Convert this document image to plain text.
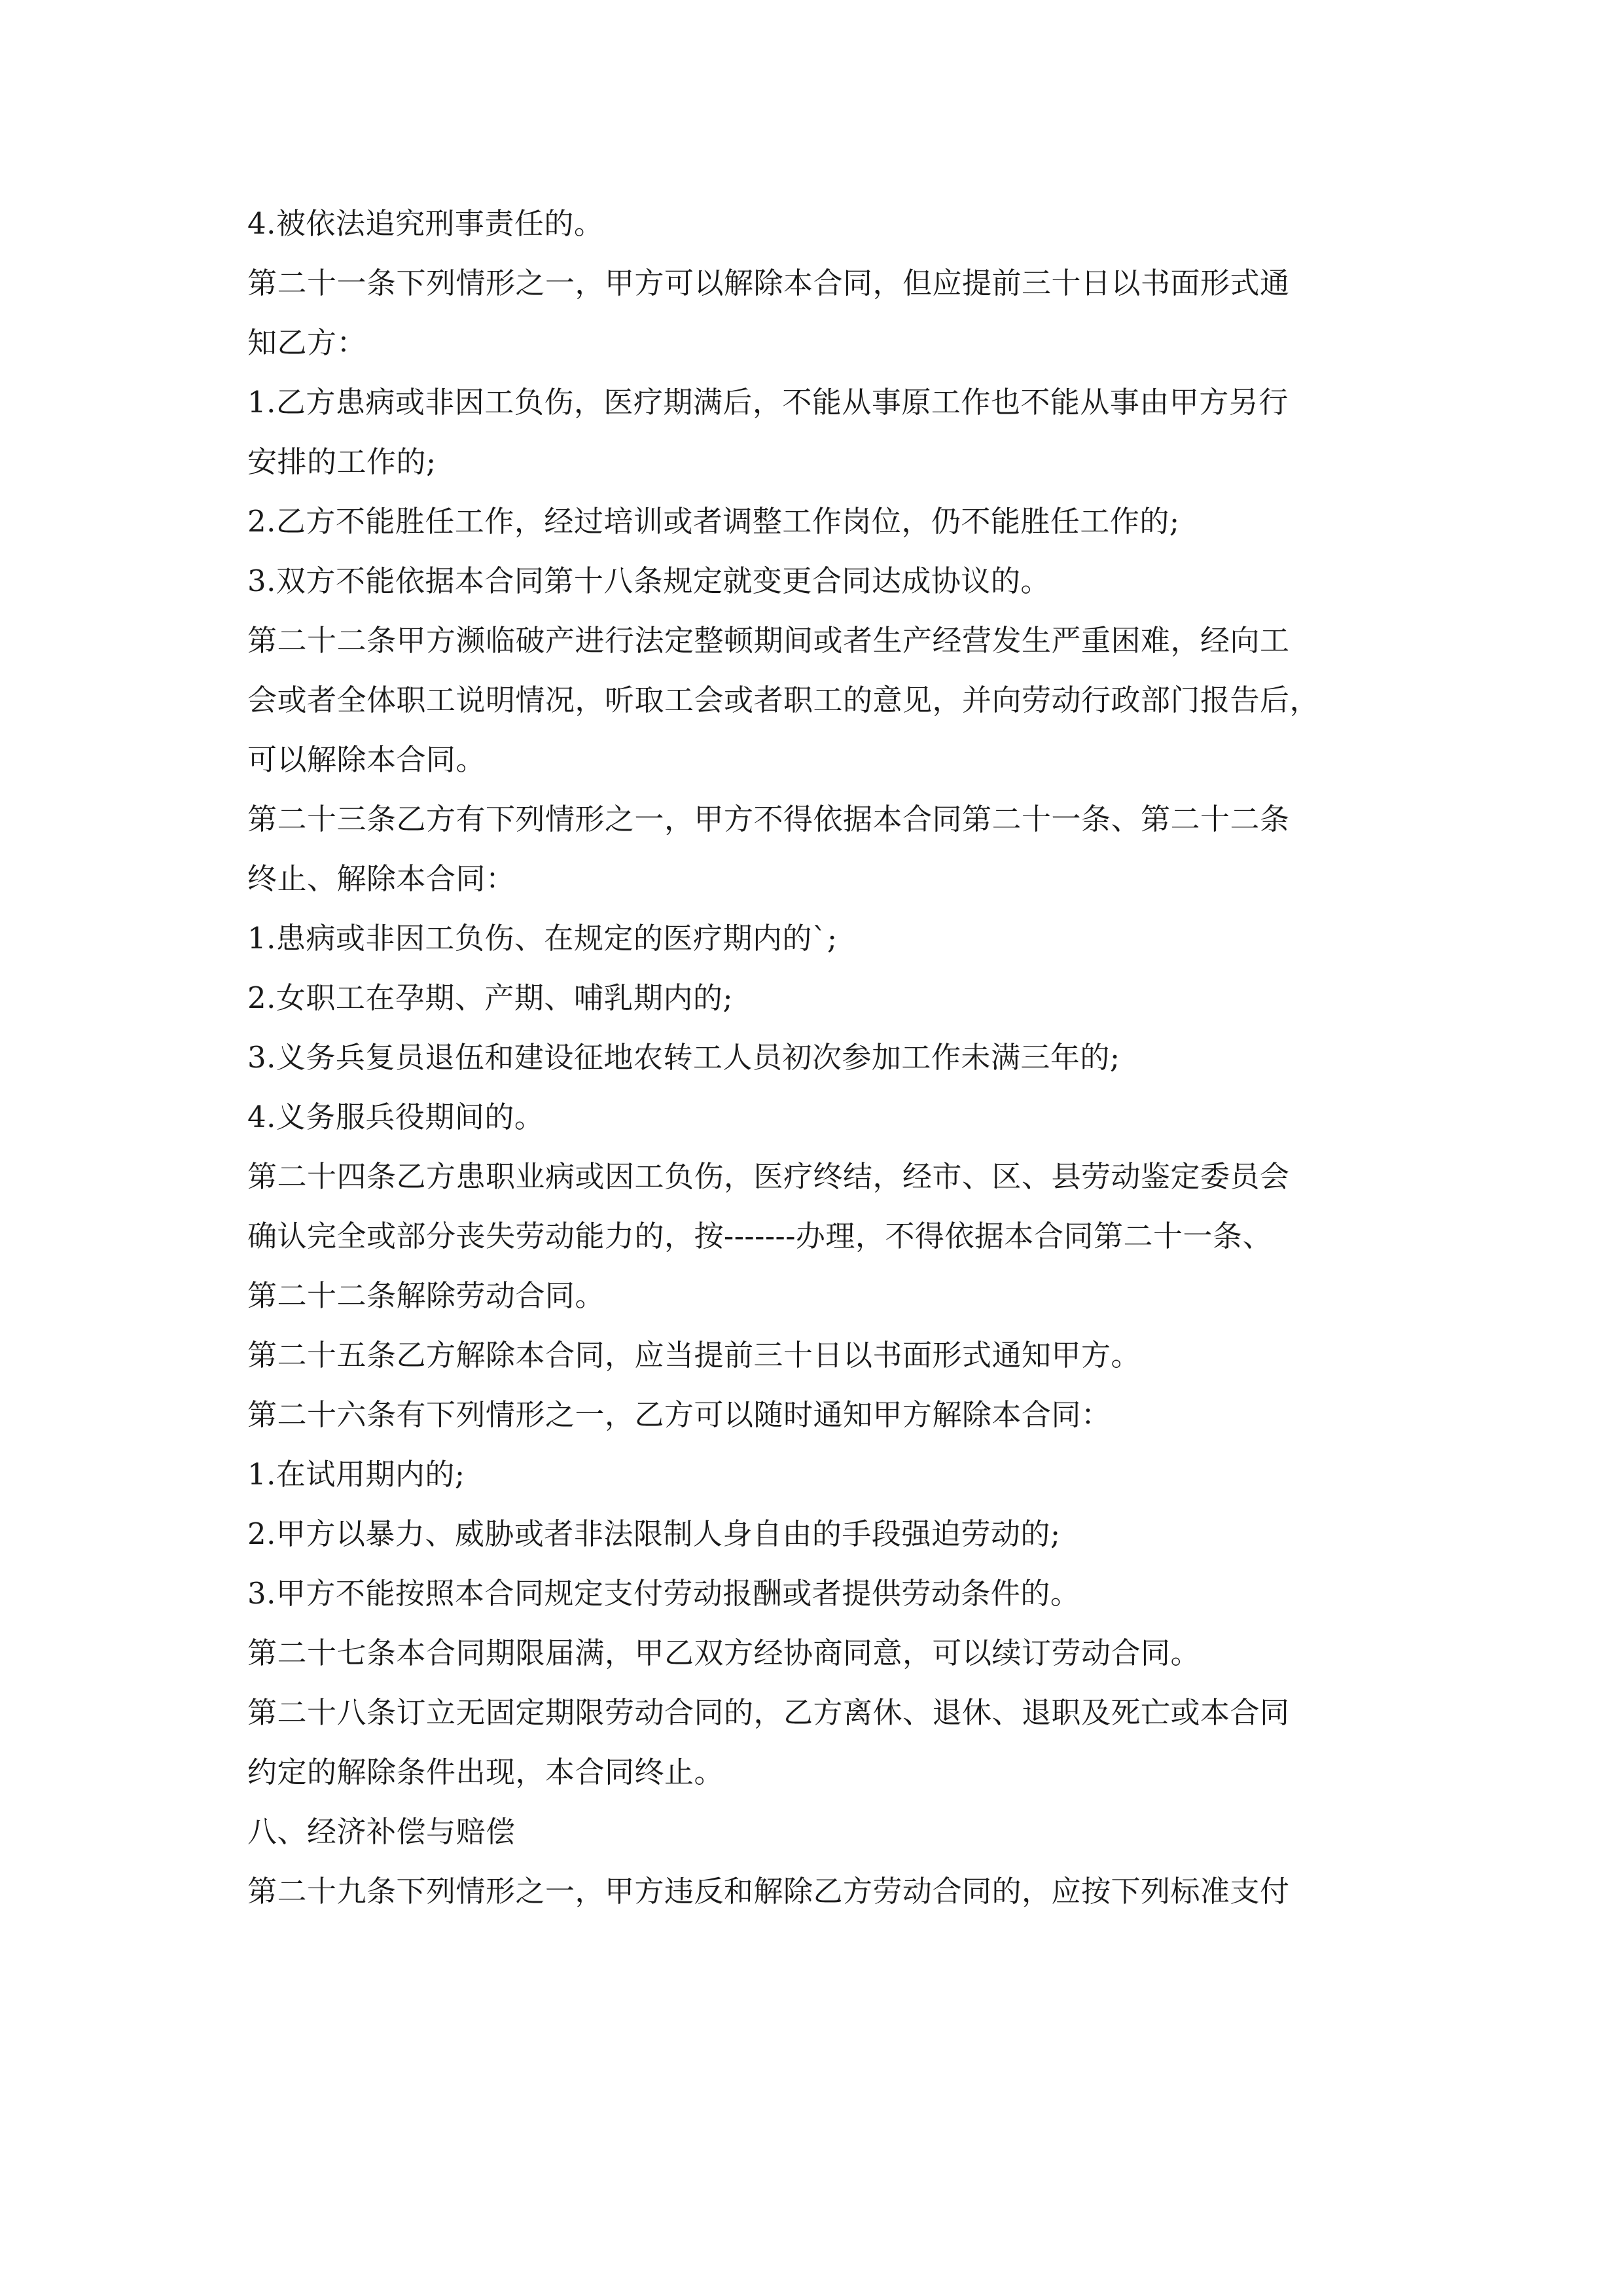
4.被依法追究刑事责任的。
第二十一条下列情形之一，甲方可以解除本合同，但应提前三十日以书面形式通
知乙方：
1.乙方患病或非因工负伤，医疗期满后，不能从事原工作也不能从事由甲方另行
安排的工作的;
2.乙方不能胜任工作，经过培训或者调整工作岗位，仍不能胜任工作的;
3.双方不能依据本合同第十八条规定就变更合同达成协议的。
第二十二条甲方濒临破产进行法定整顿期间或者生产经营发生严重困难，经向工
会或者全体职工说明情况，听取工会或者职工的意见，并向劳动行政部门报告后，
可以解除本合同。
第二十三条乙方有下列情形之一，甲方不得依据本合同第二十一条、第二十二条
终止、解除本合同：
1.患病或非因工负伤、在规定的医疗期内的`;
2.女职工在孕期、产期、哺乳期内的;
3.义务兵复员退伍和建设征地农转工人员初次参加工作未满三年的;
4.义务服兵役期间的。
第二十四条乙方患职业病或因工负伤，医疗终结，经市、区、县劳动鉴定委员会
确认完全或部分丧失劳动能力的，按-------办理，不得依据本合同第二十一条、
第二十二条解除劳动合同。
第二十五条乙方解除本合同，应当提前三十日以书面形式通知甲方。
第二十六条有下列情形之一，乙方可以随时通知甲方解除本合同：
1.在试用期内的;
2.甲方以暴力、威胁或者非法限制人身自由的手段强迫劳动的;
3.甲方不能按照本合同规定支付劳动报酬或者提供劳动条件的。
第二十七条本合同期限届满，甲乙双方经协商同意，可以续订劳动合同。
第二十八条订立无固定期限劳动合同的，乙方离休、退休、退职及死亡或本合同
约定的解除条件出现，本合同终止。
八、经济补偿与赔偿
第二十九条下列情形之一，甲方违反和解除乙方劳动合同的，应按下列标准支付
